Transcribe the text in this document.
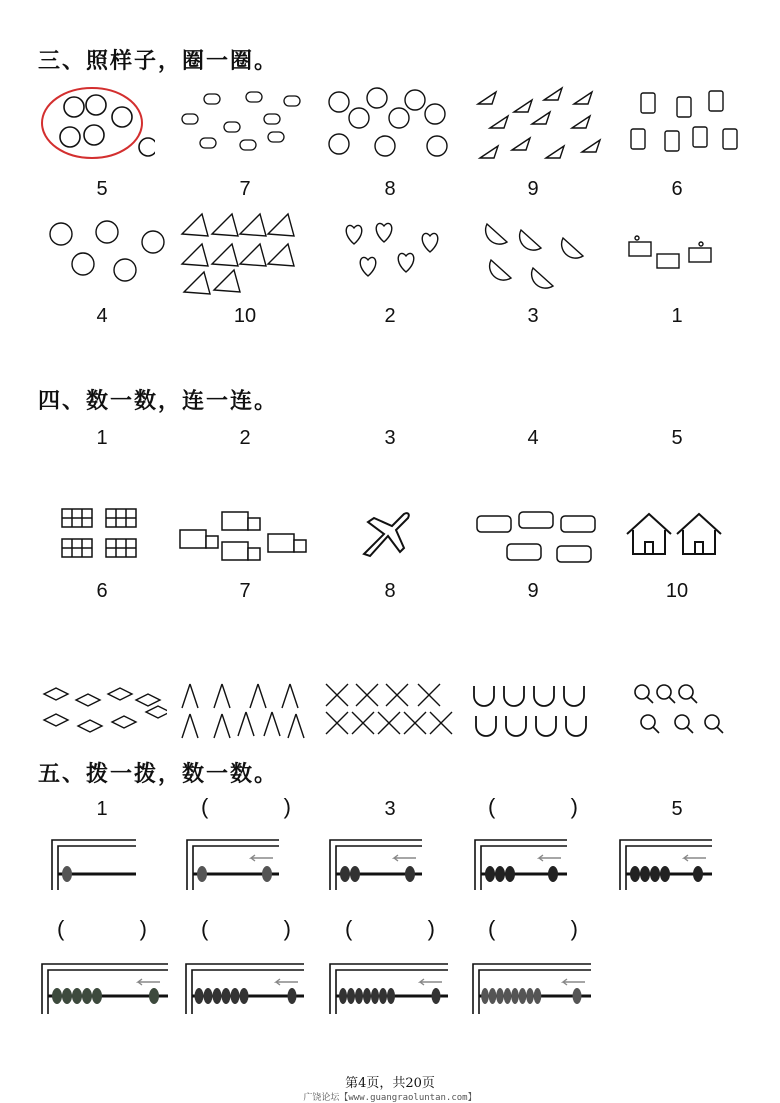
三、照样子，圈一圈。
5	7	8	9	6
4	10	2	3	1
四、数一数，连一连。
1	2	3	4	5
6	7	8	9	10
五、拨一拨，数一数。
1	(	)	3	(	)	5
(	) (	) (	) (	)
第4页，共20页
广饶论坛【www.guangraoluntan.com】
